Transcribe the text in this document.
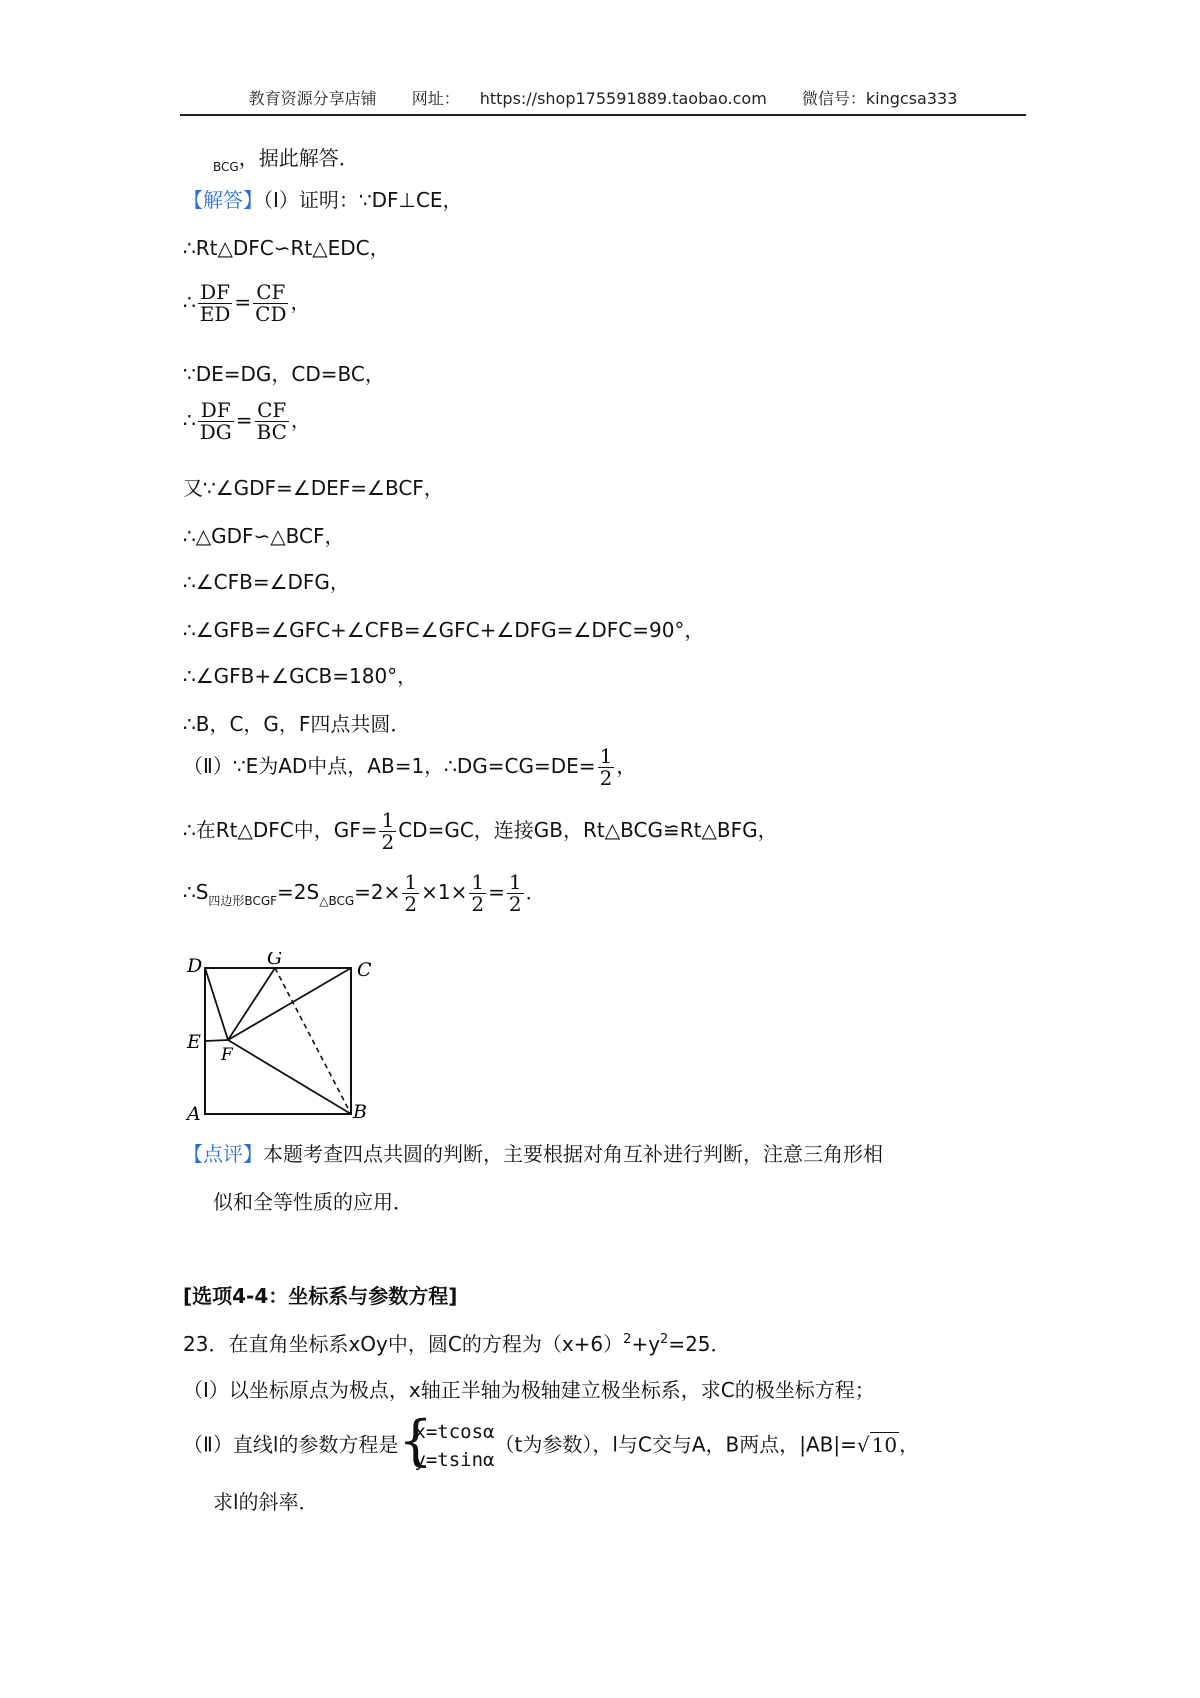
教育资源分享店铺 网址： https://shop175591889.taobao.com 微信号：kingcsa333
$_{BCG}$，据此解答．
【解答】（Ⅰ）证明：∵DF⊥CE，
∴Rt△DFC∽Rt△EDC，
∴ $\frac{DF}{ED} = \frac{CF}{CD}$ ，
∵DE=DG，CD=BC，
∴ $\frac{DF}{DG} = \frac{CF}{BC}$ ，
又∵∠GDF=∠DEF=∠BCF，
∴△GDF∽△BCF，
∴∠CFB=∠DFG，
∴∠GFB=∠GFC+∠CFB=∠GFC+∠DFG=∠DFC=90°，
∴∠GFB+∠GCB=180°，
∴B，C，G，F四点共圆．
（Ⅱ）∵E为AD中点，AB=1，∴DG=CG=DE= $\frac{1}{2}$ ，
∴在Rt△DFC中，$GF= \frac{1}{2} CD=GC$，连接GB，Rt△BCG≌Rt△BFG，
$\therefore S_{四边形BCGF}=2S_{\triangle BCG}=2\times \frac{1}{2} \times 1\times \frac{1}{2} = \frac{1}{2}$ ．
D	G
C
E
F
A	B
【点评】本题考查四点共圆的判断，主要根据对角互补进行判断，注意三角形相
似和全等性质的应用．
[选项4-4：坐标系与参数方程]
23．在直角坐标系xOy中，圆C的方程为$(x+6)^2+y^2=25$．
（Ⅰ）以坐标原点为极点，x轴正半轴为极轴建立极坐标系，求C的极坐标方程；
（Ⅱ）直线l的参数方程是 {
x=tcosα
y=tsinα
（t为参数），l与C交与A，B两点，|AB|=√ 10 ，
求l的斜率．
